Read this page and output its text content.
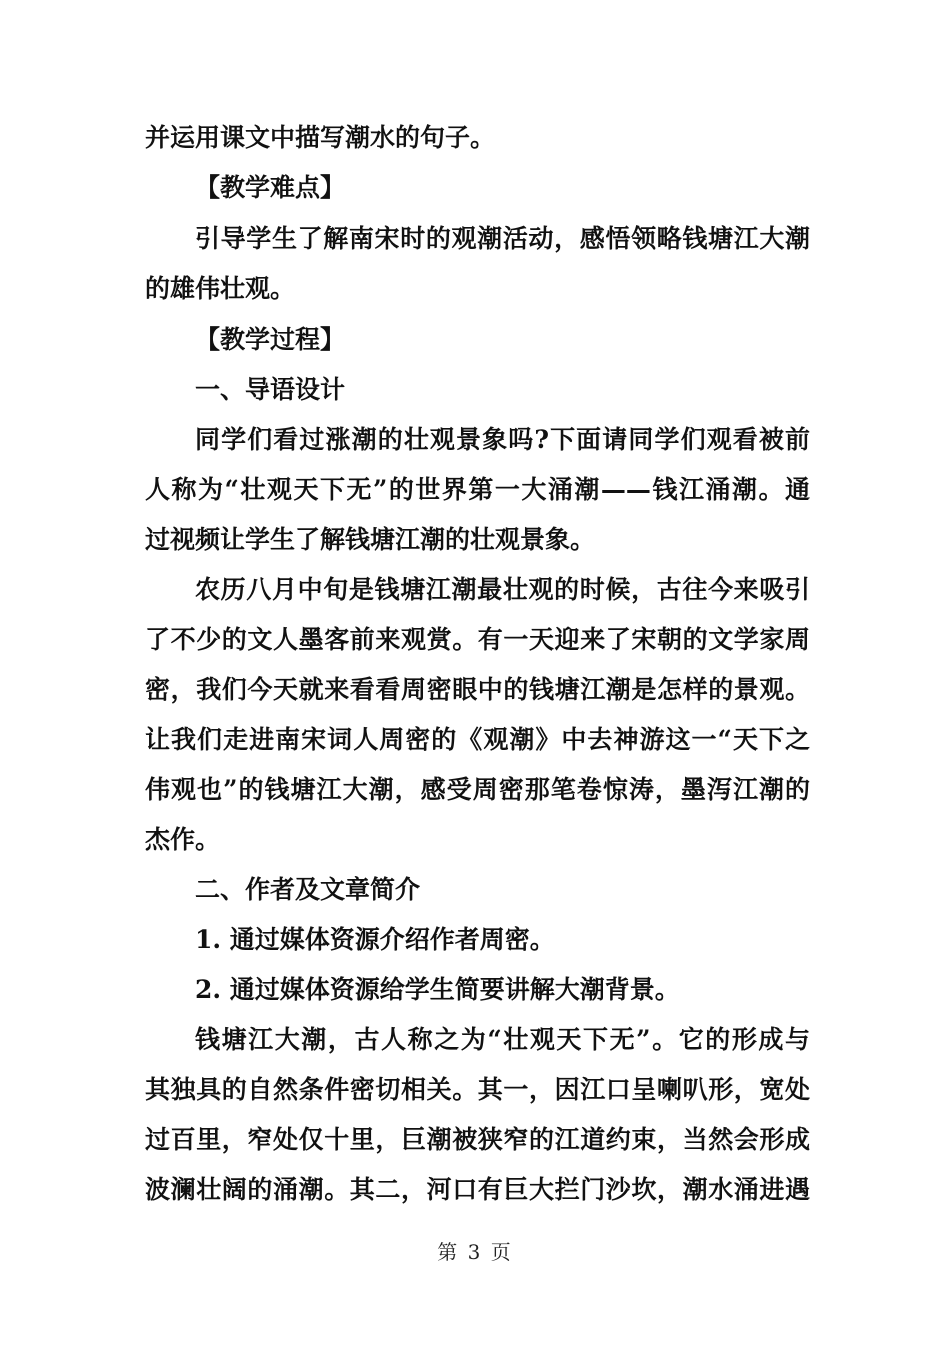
并运用课文中描写潮水的句子。
【教学难点】
引导学生了解南宋时的观潮活动，感悟领略钱塘江大潮
的雄伟壮观。
【教学过程】
一、导语设计
同学们看过涨潮的壮观景象吗?下面请同学们观看被前
人称为“壮观天下无”的世界第一大涌潮——钱江涌潮。通
过视频让学生了解钱塘江潮的壮观景象。
农历八月中旬是钱塘江潮最壮观的时候，古往今来吸引
了不少的文人墨客前来观赏。有一天迎来了宋朝的文学家周
密，我们今天就来看看周密眼中的钱塘江潮是怎样的景观。
让我们走进南宋词人周密的《观潮》中去神游这一“天下之
伟观也”的钱塘江大潮，感受周密那笔卷惊涛，墨泻江潮的
杰作。
二、作者及文章简介
1. 通过媒体资源介绍作者周密。
2. 通过媒体资源给学生简要讲解大潮背景。
钱塘江大潮，古人称之为“壮观天下无”。它的形成与
其独具的自然条件密切相关。其一，因江口呈喇叭形，宽处
过百里，窄处仅十里，巨潮被狭窄的江道约束，当然会形成
波澜壮阔的涌潮。其二，河口有巨大拦门沙坎，潮水涌进遇
第 3 页
